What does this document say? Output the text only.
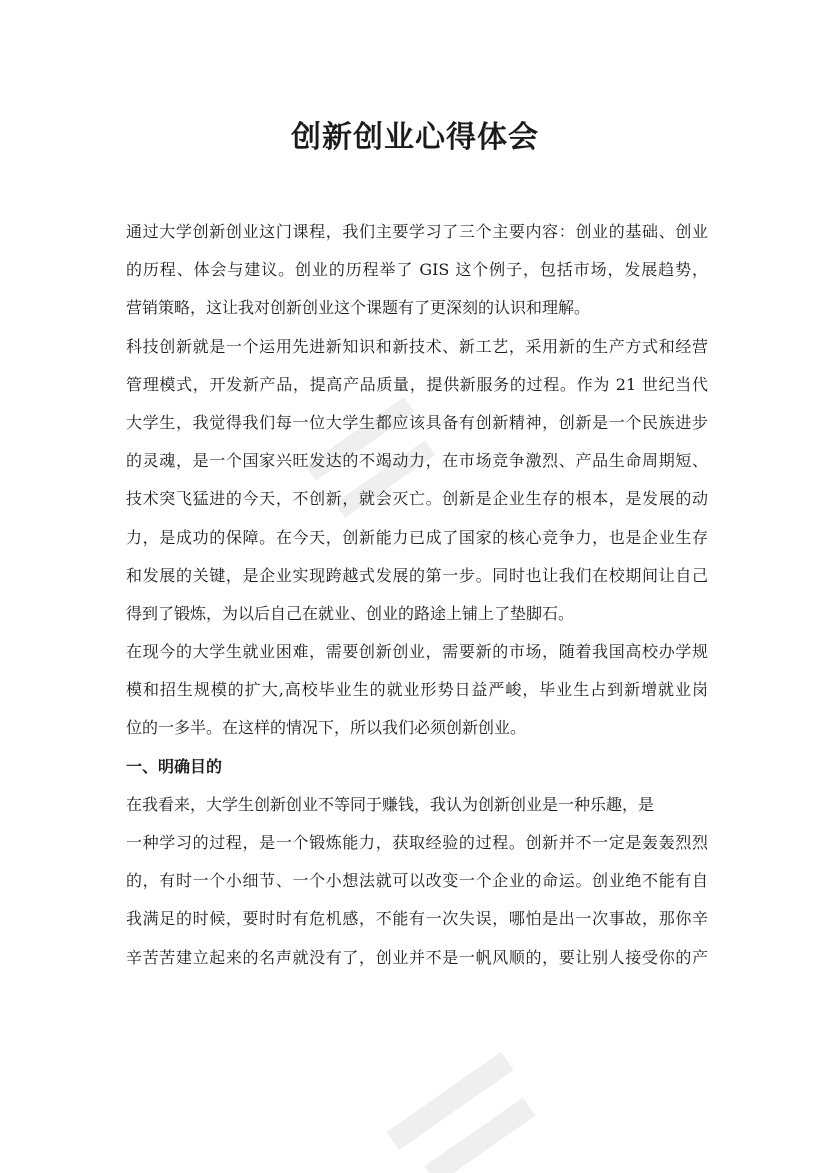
创新创业心得体会
通过大学创新创业这门课程，我们主要学习了三个主要内容：创业的基础、创业
的历程、体会与建议。创业的历程举了 GIS 这个例子，包括市场，发展趋势，
营销策略，这让我对创新创业这个课题有了更深刻的认识和理解。
科技创新就是一个运用先进新知识和新技术、新工艺，采用新的生产方式和经营
管理模式，开发新产品，提高产品质量，提供新服务的过程。作为 21 世纪当代
大学生，我觉得我们每一位大学生都应该具备有创新精神，创新是一个民族进步
的灵魂，是一个国家兴旺发达的不竭动力，在市场竞争激烈、产品生命周期短、
技术突飞猛进的今天，不创新，就会灭亡。创新是企业生存的根本，是发展的动
力，是成功的保障。在今天，创新能力已成了国家的核心竞争力，也是企业生存
和发展的关键，是企业实现跨越式发展的第一步。同时也让我们在校期间让自己
得到了锻炼，为以后自己在就业、创业的路途上铺上了垫脚石。
在现今的大学生就业困难，需要创新创业，需要新的市场，随着我国高校办学规
模和招生规模的扩大,高校毕业生的就业形势日益严峻，毕业生占到新增就业岗
位的一多半。在这样的情况下，所以我们必须创新创业。
一、明确目的
在我看来，大学生创新创业不等同于赚钱，我认为创新创业是一种乐趣，是
一种学习的过程，是一个锻炼能力，获取经验的过程。创新并不一定是轰轰烈烈
的，有时一个小细节、一个小想法就可以改变一个企业的命运。创业绝不能有自
我满足的时候，要时时有危机感，不能有一次失误，哪怕是出一次事故，那你辛
辛苦苦建立起来的名声就没有了，创业并不是一帆风顺的，要让别人接受你的产
